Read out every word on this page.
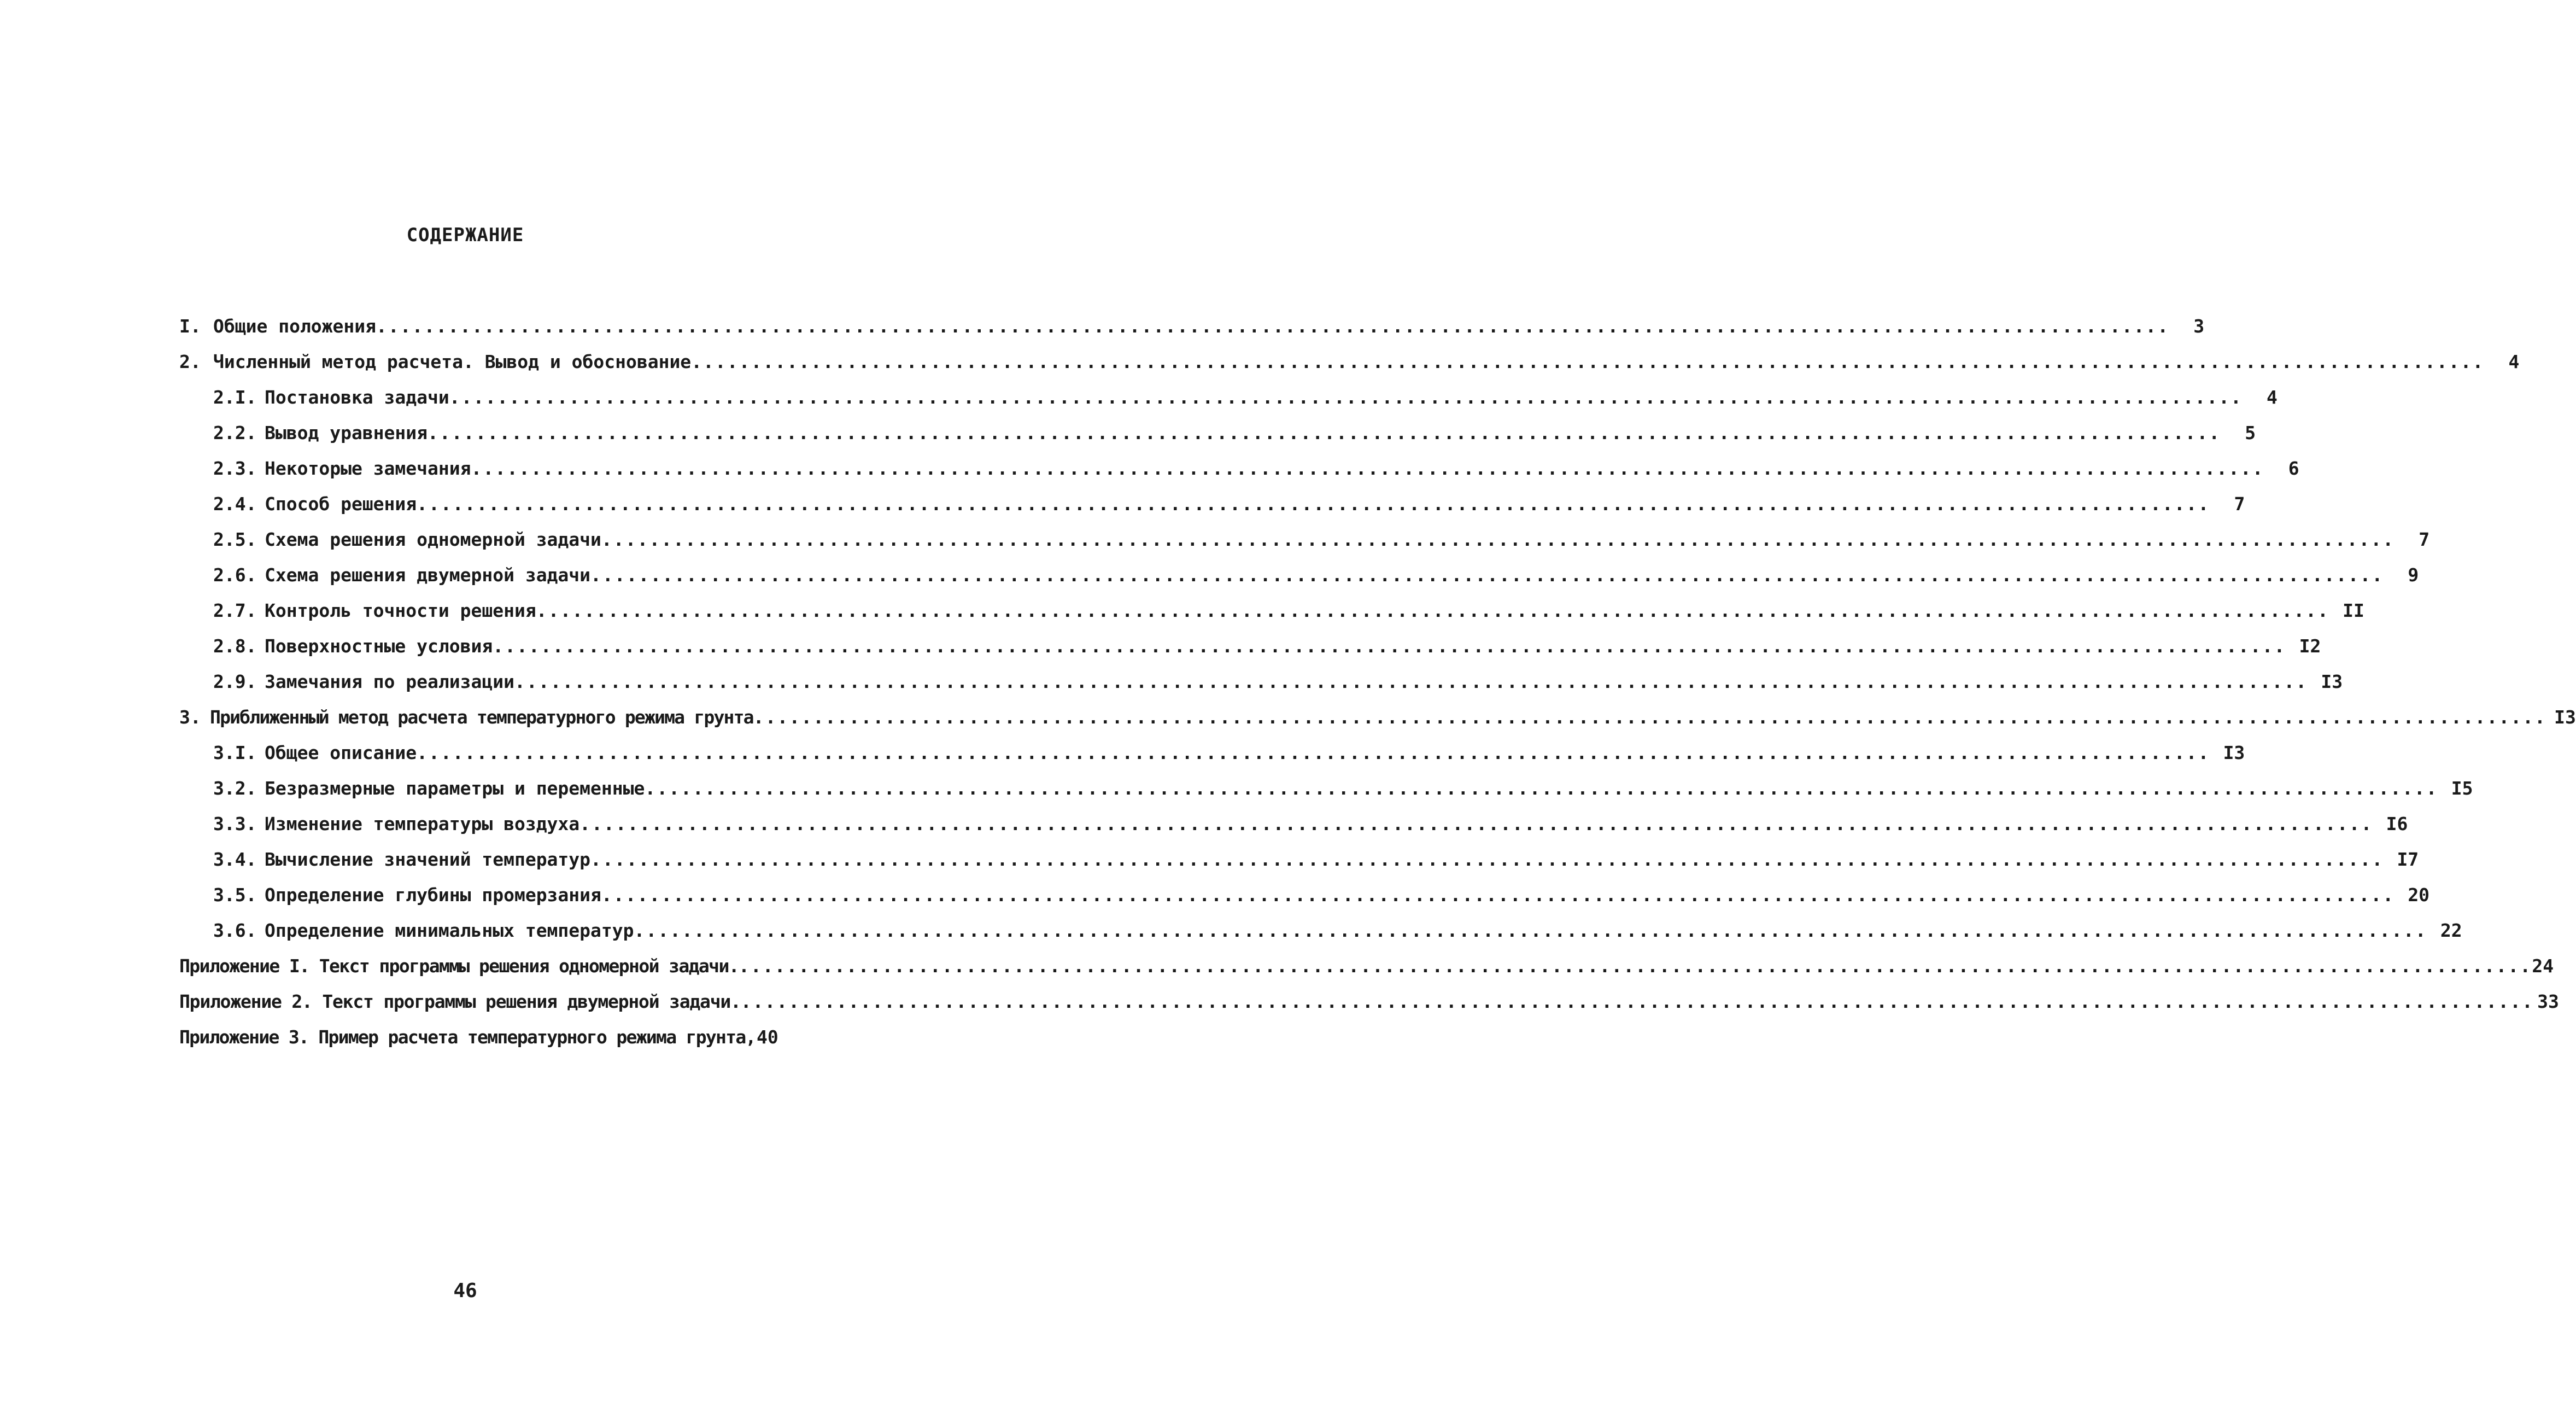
СОДЕРЖАНИЕ
I. Общие положения .....	3
2. Численный метод расчета. Вывод и обоснование .....	4
2.I. Постановка задачи .....	4
2.2. Вывод уравнения .....	5
2.3. Некоторые замечания .....	6
2.4. Способ решения .....	7
2.5. Схема решения одномерной задачи .....	7
2.6. Схема решения двумерной задачи .....	9
2.7. Контроль точности решения .....	II
2.8. Поверхностные условия .....	I2
2.9. Замечания по реализации .....	I3
3. Приближенный метод расчета температурного режима грунта .....	I3
3.I. Общее описание .....	I3
3.2. Безразмерные параметры и переменные .....	I5
3.3. Изменение температуры воздуха .....	I6
3.4. Вычисление значений температур .....	I7
3.5. Определение глубины промерзания .....	20
3.6. Определение минимальных температур .....	22
Приложение I. Текст программы решения одномерной задачи. .....	24
Приложение 2. Текст программы решения двумерной задачи. .....	33
Приложение 3. Пример расчета температурного режима грунта, 40
46
